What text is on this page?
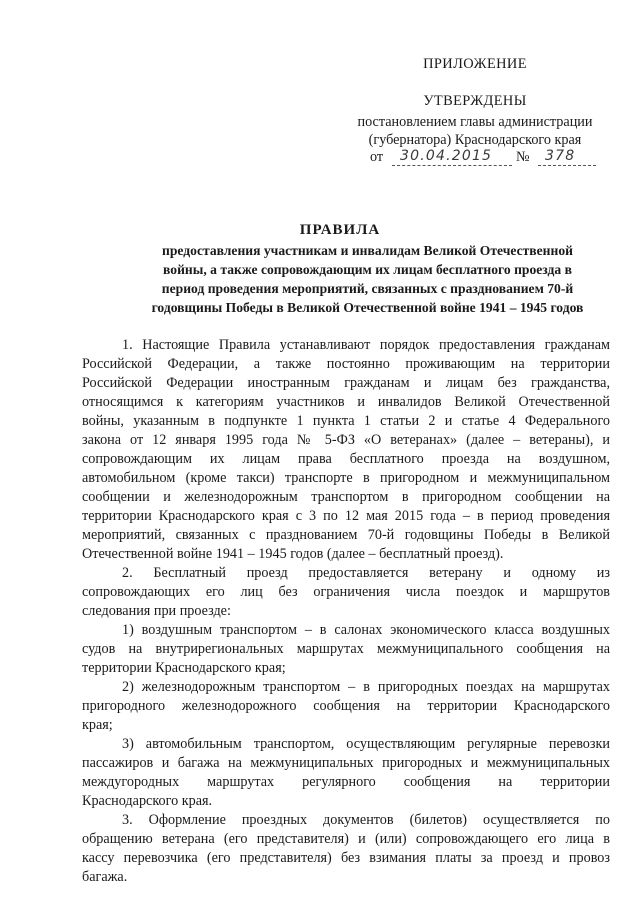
ПРИЛОЖЕНИЕ
УТВЕРЖДЕНЫ
постановлением главы администрации
(губернатора) Краснодарского края
от 30.04.2015 № 378
ПРАВИЛА
предоставления участникам и инвалидам Великой Отечественной
войны, а также сопровождающим их лицам бесплатного проезда в
период проведения мероприятий, связанных с празднованием 70-й
годовщины Победы в Великой Отечественной войне 1941 – 1945 годов
1. Настоящие Правила устанавливают порядок предоставления гражданам
Российской Федерации, а также постоянно проживающим на территории
Российской Федерации иностранным гражданам и лицам без гражданства,
относящимся к категориям участников и инвалидов Великой Отечественной
войны, указанным в подпункте 1 пункта 1 статьи 2 и статье 4 Федерального
закона от 12 января 1995 года № 5-ФЗ «О ветеранах» (далее – ветераны), и
сопровождающим их лицам права бесплатного проезда на воздушном,
автомобильном (кроме такси) транспорте в пригородном и межмуниципальном
сообщении и железнодорожным транспортом в пригородном сообщении на
территории Краснодарского края с 3 по 12 мая 2015 года – в период проведения
мероприятий, связанных с празднованием 70-й годовщины Победы в Великой
Отечественной войне 1941 – 1945 годов (далее – бесплатный проезд).
2. Бесплатный проезд предоставляется ветерану и одному из
сопровождающих его лиц без ограничения числа поездок и маршрутов
следования при проезде:
1) воздушным транспортом – в салонах экономического класса воздушных
судов на внутрирегиональных маршрутах межмуниципального сообщения на
территории Краснодарского края;
2) железнодорожным транспортом – в пригородных поездах на маршрутах
пригородного железнодорожного сообщения на территории Краснодарского
края;
3) автомобильным транспортом, осуществляющим регулярные перевозки
пассажиров и багажа на межмуниципальных пригородных и межмуниципальных
междугородных маршрутах регулярного сообщения на территории
Краснодарского края.
3. Оформление проездных документов (билетов) осуществляется по
обращению ветерана (его представителя) и (или) сопровождающего его лица в
кассу перевозчика (его представителя) без взимания платы за проезд и провоз
багажа.
